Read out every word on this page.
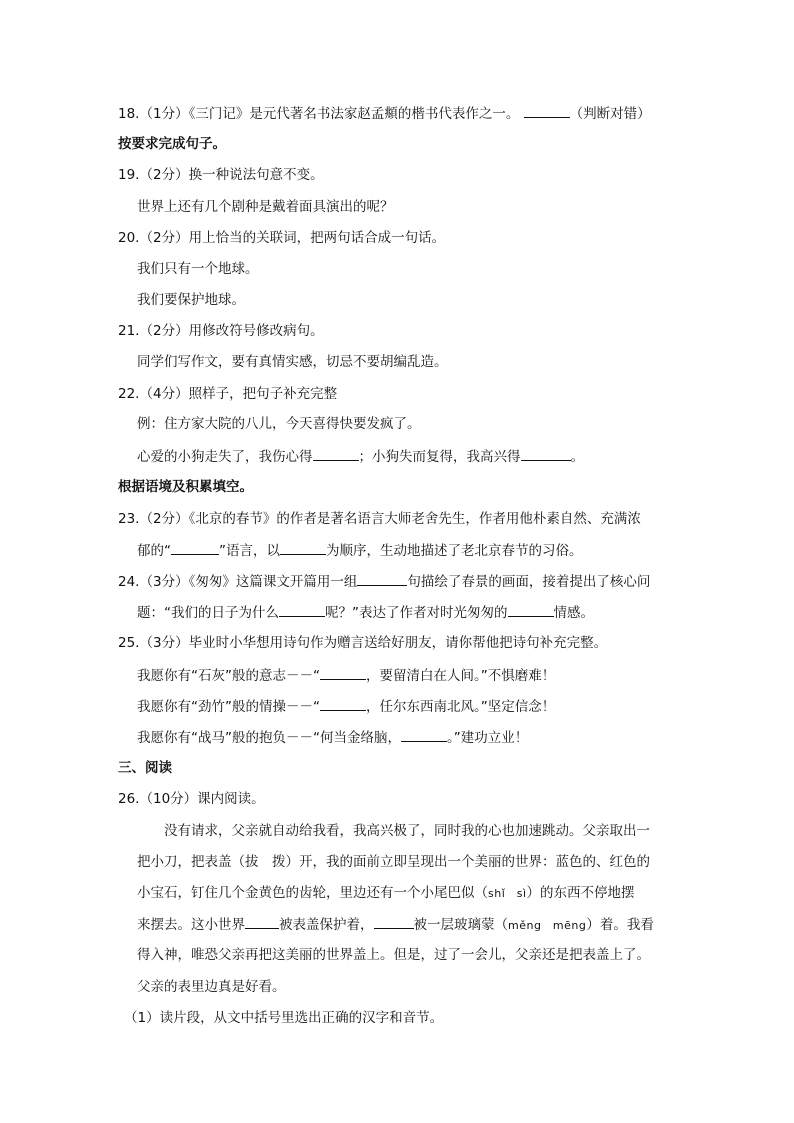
18.（1分）《三门记》是元代著名书法家赵孟頫的楷书代表作之一。	（判断对错）
按要求完成句子。
19.（2分）换一种说法句意不变。
世界上还有几个剧种是戴着面具演出的呢？
20.（2分）用上恰当的关联词，把两句话合成一句话。
我们只有一个地球。
我们要保护地球。
21.（2分）用修改符号修改病句。
同学们写作文，要有真情实感，切忌不要胡编乱造。
22.（4分）照样子，把句子补充完整
例：住方家大院的八儿，今天喜得快要发疯了。
心爱的小狗走失了，我伤心得	；小狗失而复得，我高兴得	。
根据语境及积累填空。
23.（2分）《北京的春节》的作者是著名语言大师老舍先生，作者用他朴素自然、充满浓
郁的“	”语言，以	为顺序，生动地描述了老北京春节的习俗。
24.（3分）《匆匆》这篇课文开篇用一组	句描绘了春景的画面，接着提出了核心问
题：“我们的日子为什么	呢？”表达了作者对时光匆匆的	情感。
25.（3分）毕业时小华想用诗句作为赠言送给好朋友，请你帮他把诗句补充完整。
我愿你有“石灰”般的意志－－“	，要留清白在人间。”不惧磨难！
我愿你有“劲竹”般的情操－－“	，任尔东西南北风。”坚定信念！
我愿你有“战马”般的抱负－－“何当金络脑，	。”建功立业！
三、阅读
26.（10分）课内阅读。
没有请求，父亲就自动给我看，我高兴极了，同时我的心也加速跳动。父亲取出一
把小刀，把表盖（拔　拨）开，我的面前立即呈现出一个美丽的世界：蓝色的、红色的
小宝石，钉住几个金黄色的齿轮，里边还有一个小尾巴似（shǐ　sì）的东西不停地摆
来摆去。这小世界	被表盖保护着，	被一层玻璃蒙（měng　mēng）着。我看
得入神，唯恐父亲再把这美丽的世界盖上。但是，过了一会儿，父亲还是把表盖上了。
父亲的表里边真是好看。
（1）读片段，从文中括号里选出正确的汉字和音节。
